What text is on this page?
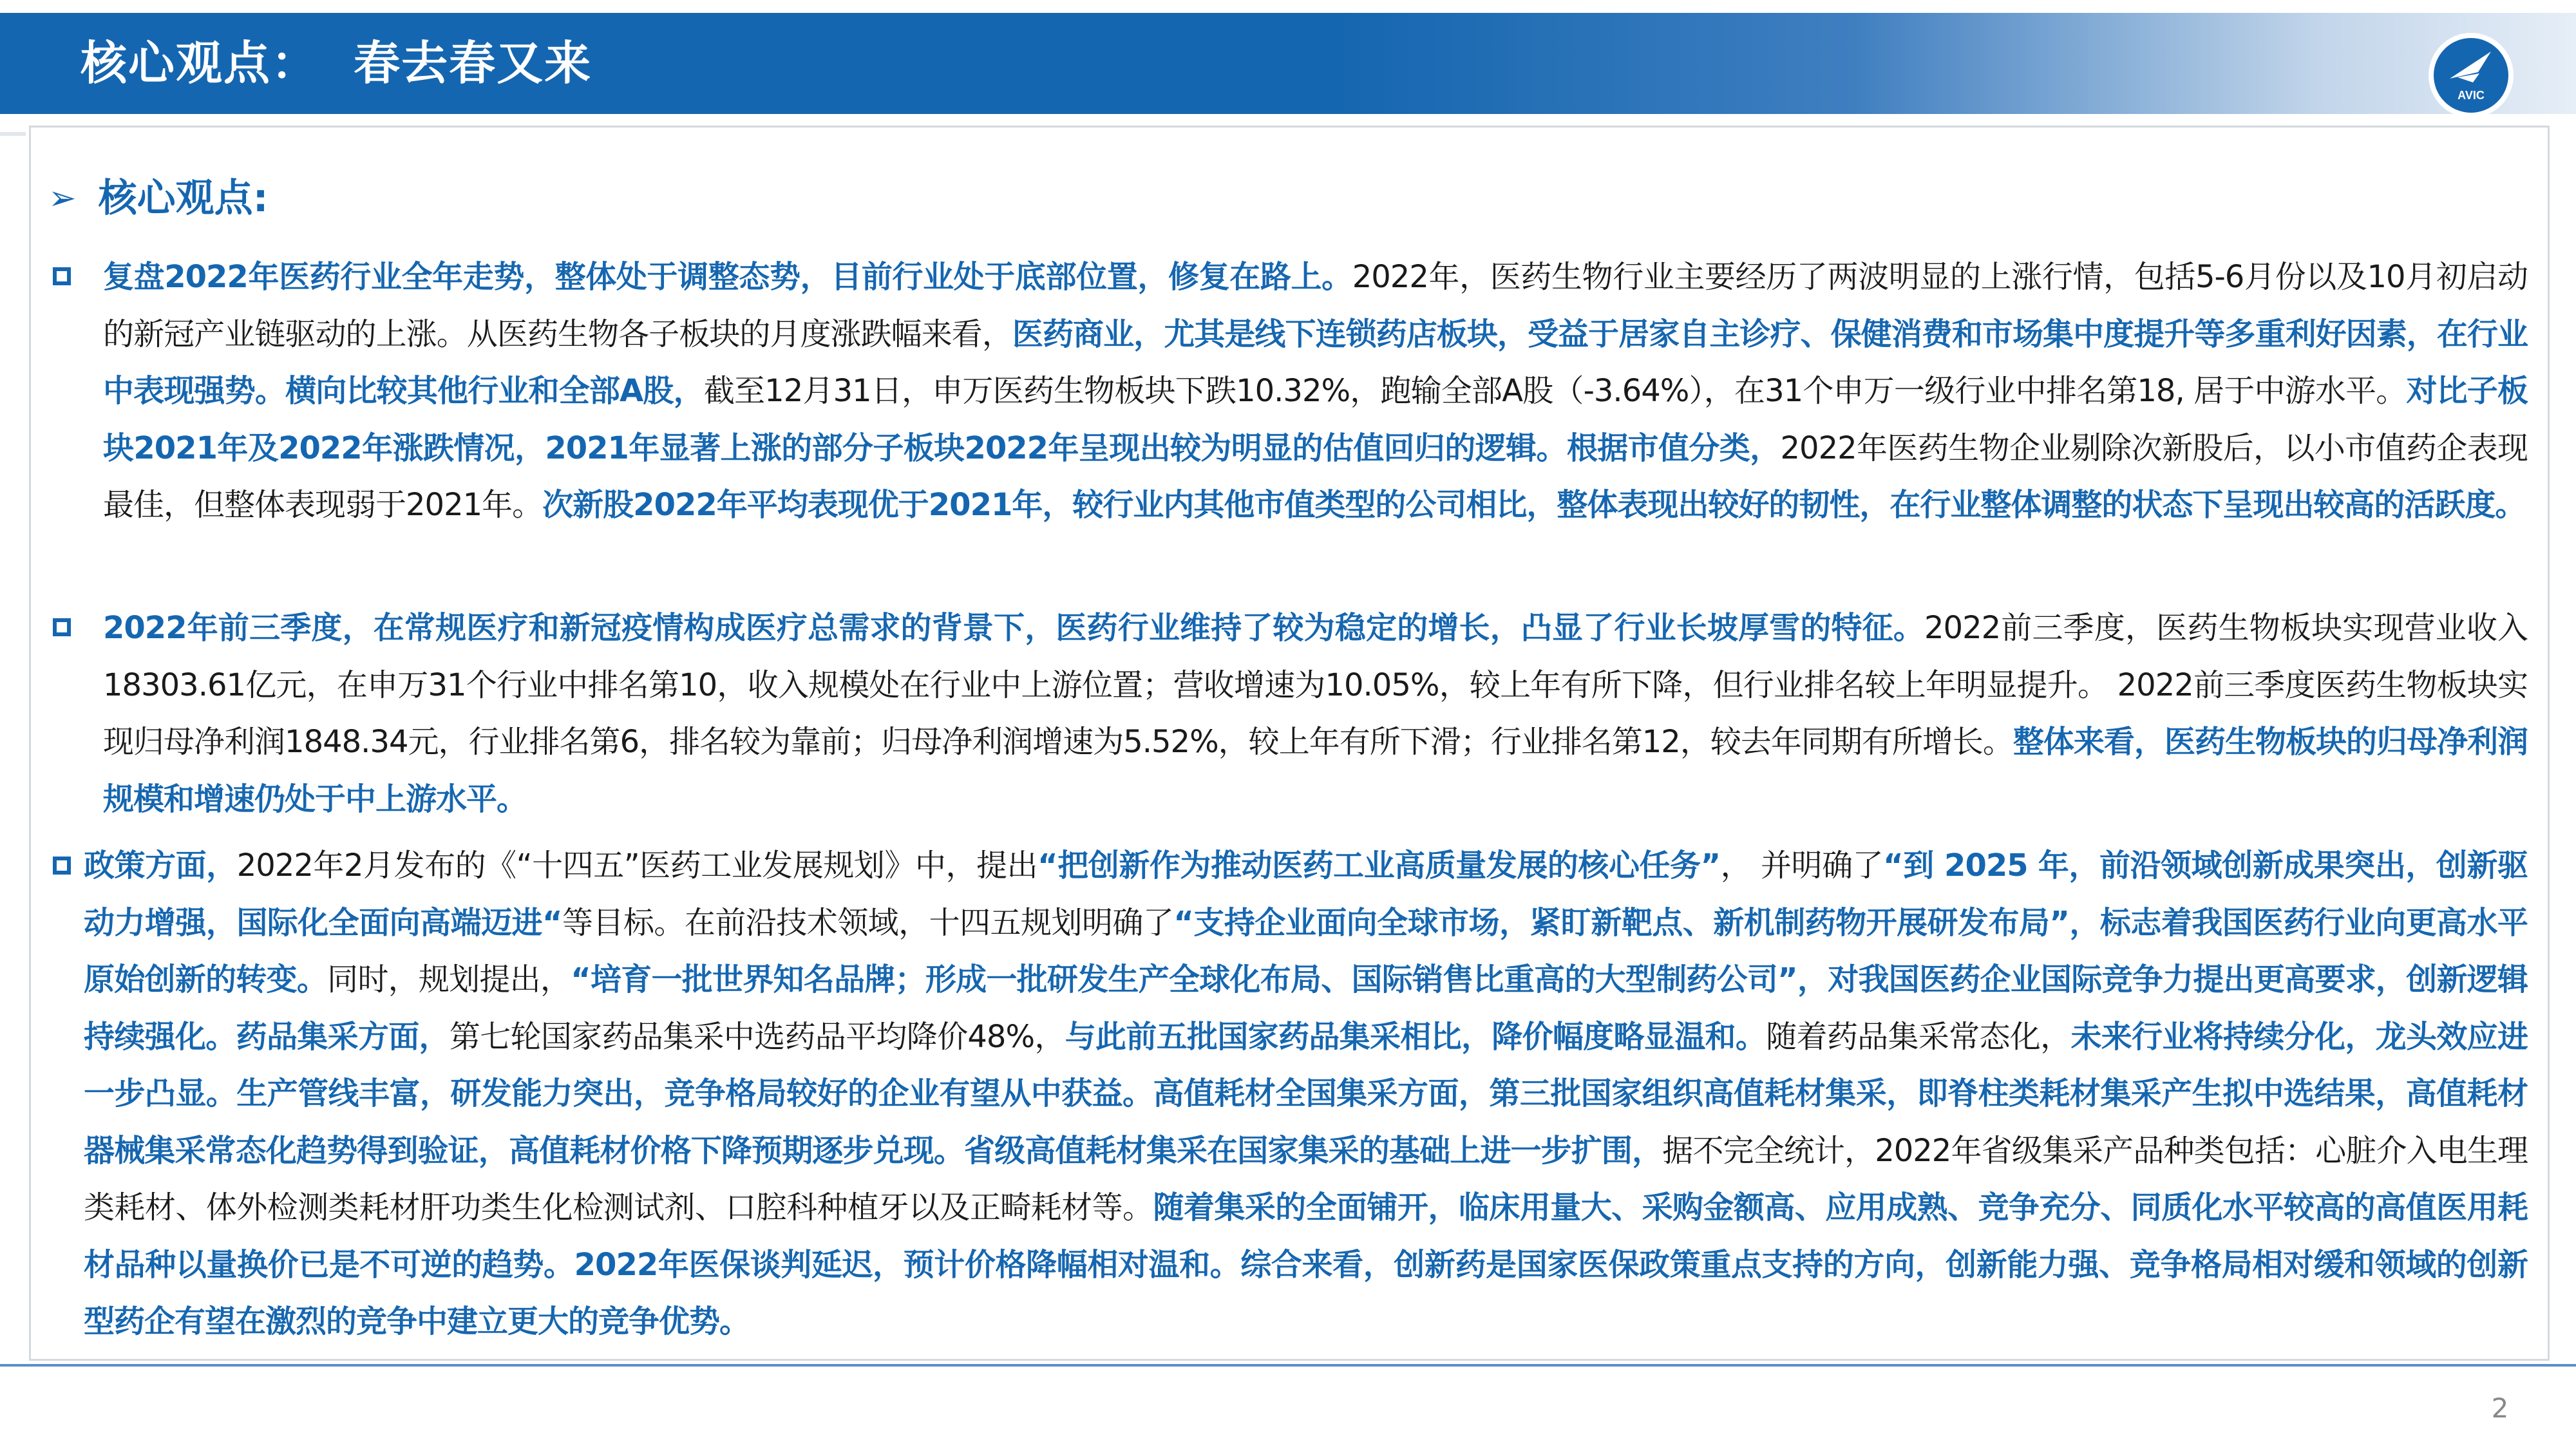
核心观点：  春去春又来
AVIC
➢ 核心观点:
复盘2022年医药行业全年走势，整体处于调整态势，目前行业处于底部位置，修复在路上。2022年，医药生物行业主要经历了两波明显的上涨行情，包括5-6月份以及10月初启动的新冠产业链驱动的上涨。从医药生物各子板块的月度涨跌幅来看，医药商业，尤其是线下连锁药店板块，受益于居家自主诊疗、保健消费和市场集中度提升等多重利好因素，在行业中表现强势。横向比较其他行业和全部A股，截至12月31日，申万医药生物板块下跌10.32%，跑输全部A股（-3.64%），在31个申万一级行业中排名第18, 居于中游水平。对比子板块2021年及2022年涨跌情况，2021年显著上涨的部分子板块2022年呈现出较为明显的估值回归的逻辑。根据市值分类，2022年医药生物企业剔除次新股后，以小市值药企表现最佳，但整体表现弱于2021年。次新股2022年平均表现优于2021年，较行业内其他市值类型的公司相比，整体表现出较好的韧性，在行业整体调整的状态下呈现出较高的活跃度。
2022年前三季度，在常规医疗和新冠疫情构成医疗总需求的背景下，医药行业维持了较为稳定的增长，凸显了行业长坡厚雪的特征。2022前三季度，医药生物板块实现营业收入18303.61亿元，在申万31个行业中排名第10，收入规模处在行业中上游位置；营收增速为10.05%，较上年有所下降，但行业排名较上年明显提升。 2022前三季度医药生物板块实现归母净利润1848.34元，行业排名第6，排名较为靠前；归母净利润增速为5.52%，较上年有所下滑；行业排名第12，较去年同期有所增长。整体来看，医药生物板块的归母净利润规模和增速仍处于中上游水平。
政策方面，2022年2月发布的《“十四五”医药工业发展规划》中，提出“把创新作为推动医药工业高质量发展的核心任务”， 并明确了“到 2025 年，前沿领域创新成果突出，创新驱动力增强，国际化全面向高端迈进“等目标。在前沿技术领域，十四五规划明确了“支持企业面向全球市场，紧盯新靶点、新机制药物开展研发布局”，标志着我国医药行业向更高水平原始创新的转变。同时，规划提出，“培育一批世界知名品牌；形成一批研发生产全球化布局、国际销售比重高的大型制药公司”，对我国医药企业国际竞争力提出更高要求，创新逻辑持续强化。药品集采方面，第七轮国家药品集采中选药品平均降价48%，与此前五批国家药品集采相比，降价幅度略显温和。随着药品集采常态化，未来行业将持续分化，龙头效应进一步凸显。生产管线丰富，研发能力突出，竞争格局较好的企业有望从中获益。高值耗材全国集采方面，第三批国家组织高值耗材集采，即脊柱类耗材集采产生拟中选结果，高值耗材器械集采常态化趋势得到验证，高值耗材价格下降预期逐步兑现。省级高值耗材集采在国家集采的基础上进一步扩围，据不完全统计，2022年省级集采产品种类包括：心脏介入电生理类耗材、体外检测类耗材肝功类生化检测试剂、口腔科种植牙以及正畸耗材等。随着集采的全面铺开，临床用量大、采购金额高、应用成熟、竞争充分、同质化水平较高的高值医用耗材品种以量换价已是不可逆的趋势。2022年医保谈判延迟，预计价格降幅相对温和。综合来看，创新药是国家医保政策重点支持的方向，创新能力强、竞争格局相对缓和领域的创新型药企有望在激烈的竞争中建立更大的竞争优势。
2
